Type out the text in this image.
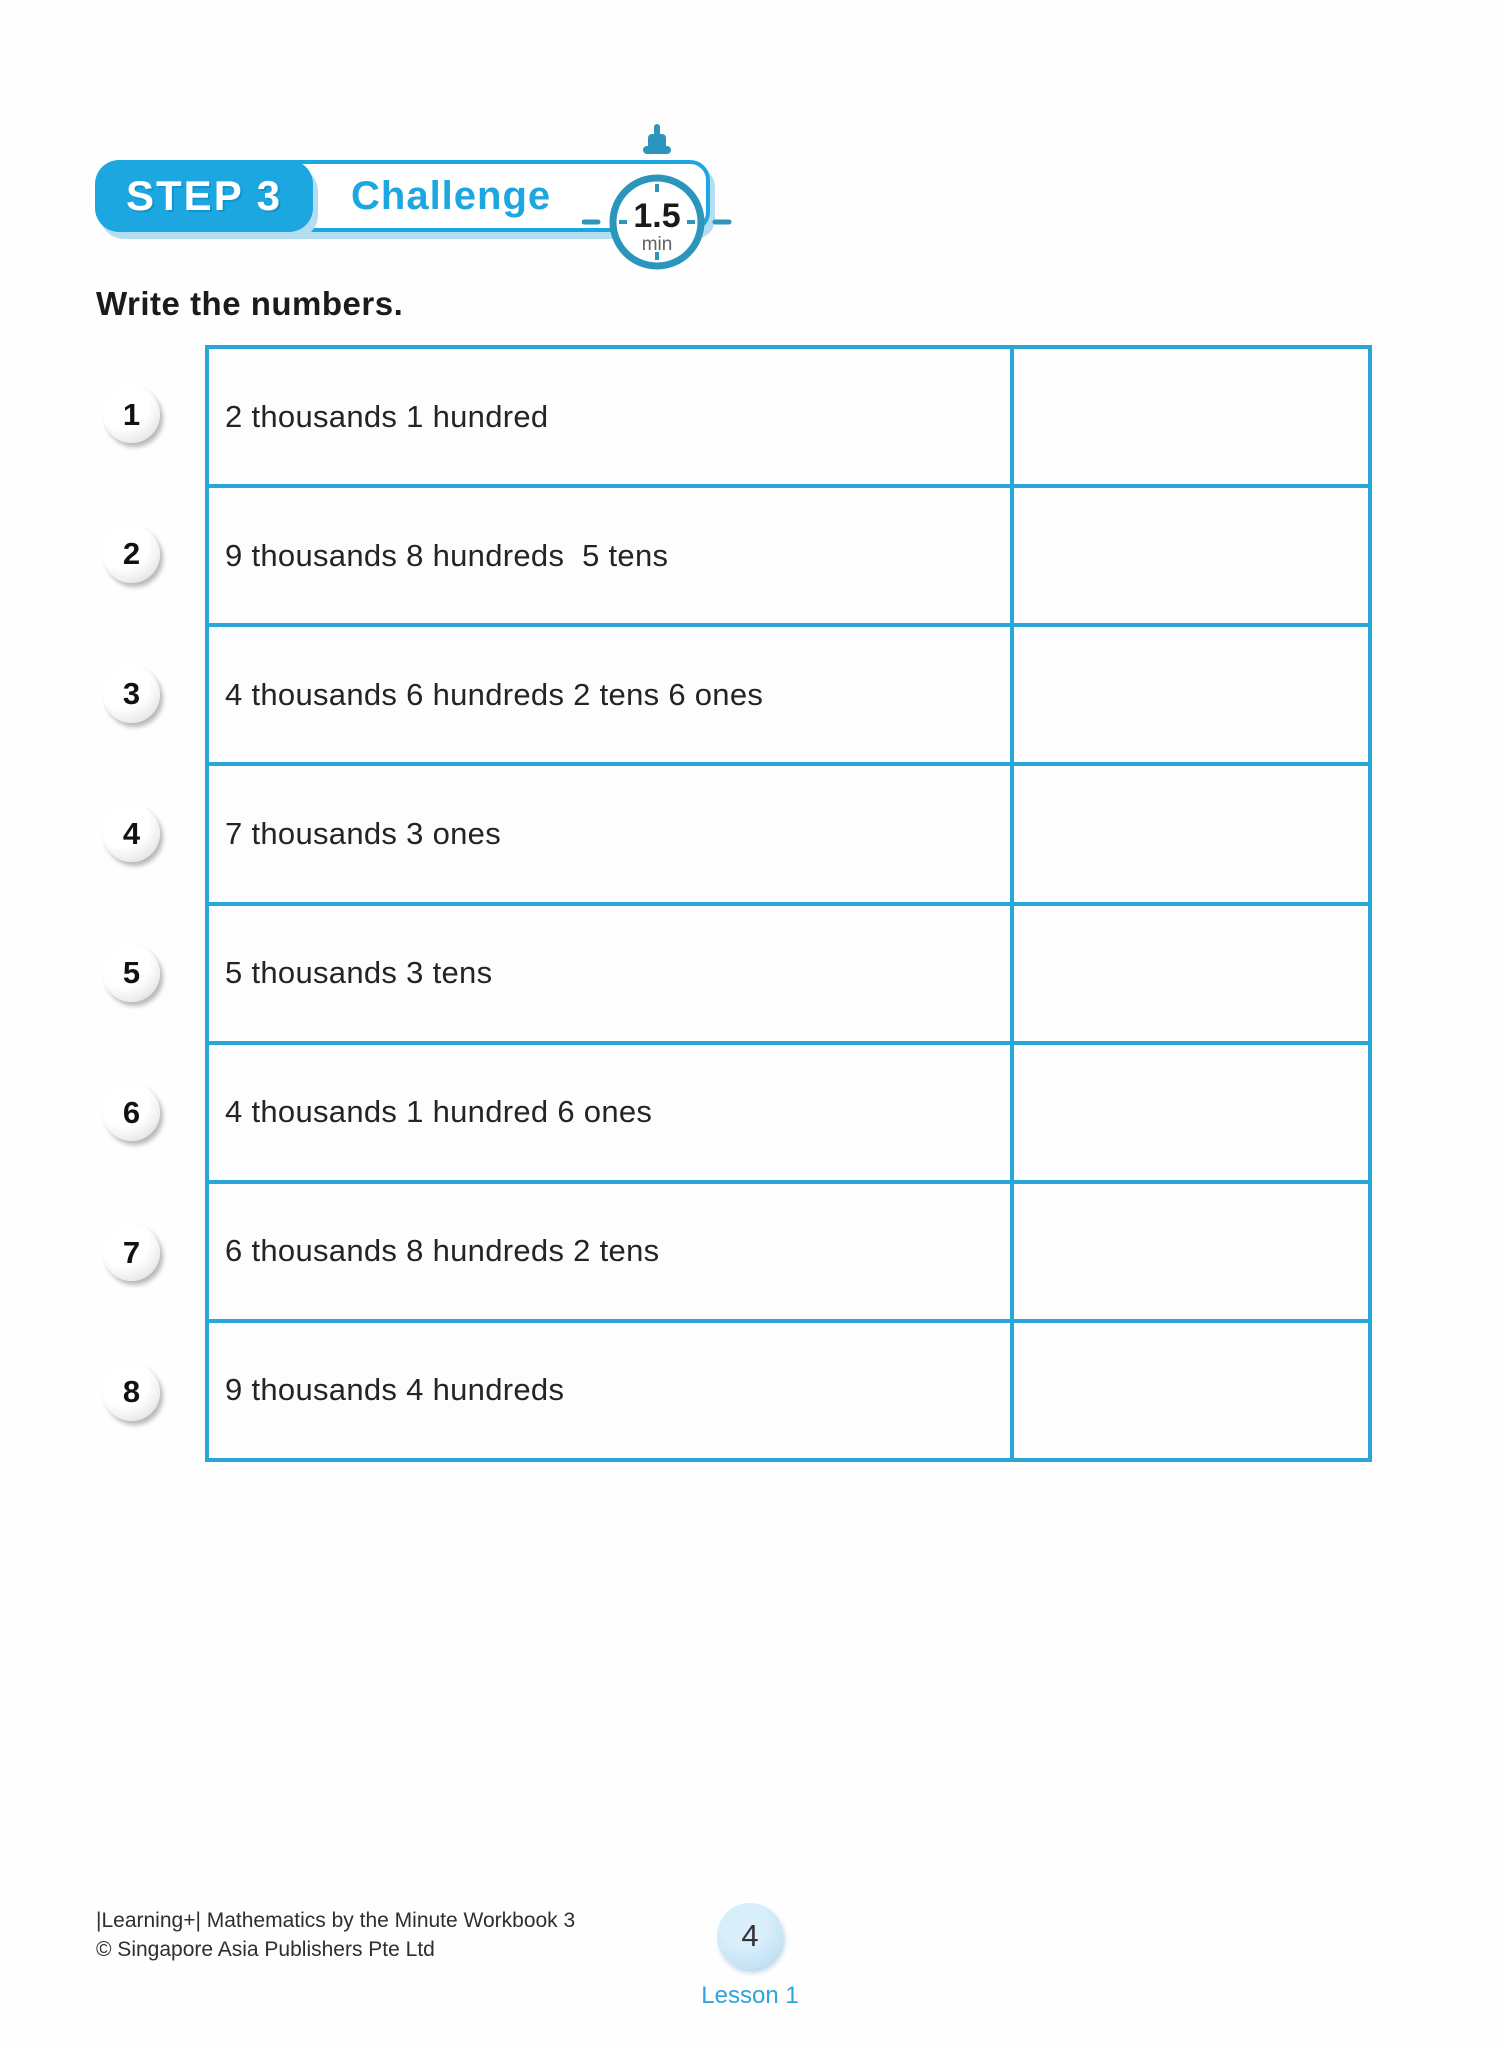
Challenge
STEP 3	1.5
min
Write the numbers.
1
2
3
4
5
6
7
8
2 thousands 1 hundred
9 thousands 8 hundreds  5 tens
4 thousands 6 hundreds 2 tens 6 ones
7 thousands 3 ones
5 thousands 3 tens
4 thousands 1 hundred 6 ones
6 thousands 8 hundreds 2 tens
9 thousands 4 hundreds
|Learning+| Mathematics by the Minute Workbook 3
© Singapore Asia Publishers Pte Ltd	4
Lesson 1
